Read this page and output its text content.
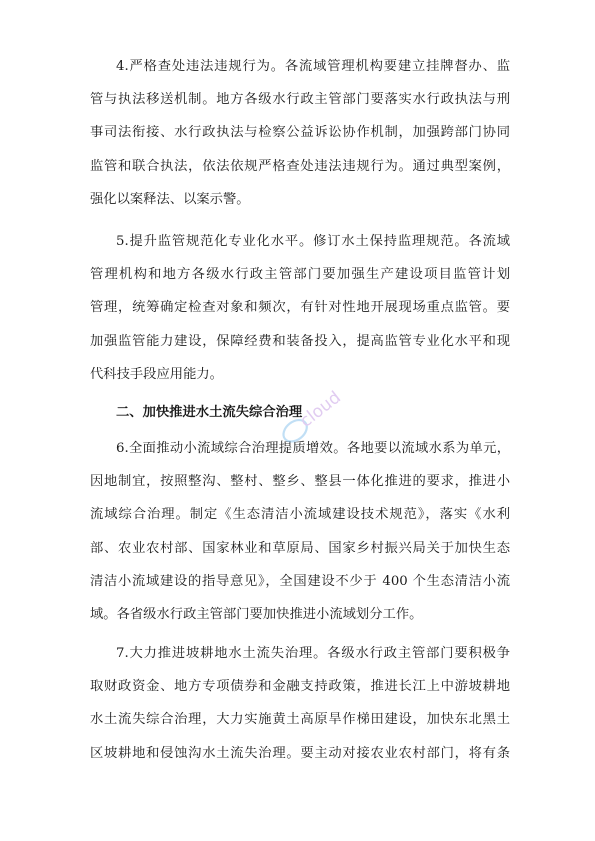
4.严格查处违法违规行为。各流域管理机构要建立挂牌督办、监
管与执法移送机制。地方各级水行政主管部门要落实水行政执法与刑
事司法衔接、水行政执法与检察公益诉讼协作机制，加强跨部门协同
监管和联合执法，依法依规严格查处违法违规行为。通过典型案例，
强化以案释法、以案示警。
5.提升监管规范化专业化水平。修订水土保持监理规范。各流域
管理机构和地方各级水行政主管部门要加强生产建设项目监管计划
管理，统筹确定检查对象和频次，有针对性地开展现场重点监管。要
加强监管能力建设，保障经费和装备投入，提高监管专业化水平和现
代科技手段应用能力。
二、加快推进水土流失综合治理
6.全面推动小流域综合治理提质增效。各地要以流域水系为单元，
因地制宜，按照整沟、整村、整乡、整县一体化推进的要求，推进小
流域综合治理。制定《生态清洁小流域建设技术规范》，落实《水利
部、农业农村部、国家林业和草原局、国家乡村振兴局关于加快生态
清洁小流域建设的指导意见》，全国建设不少于 400 个生态清洁小流
域。各省级水行政主管部门要加快推进小流域划分工作。
7.大力推进坡耕地水土流失治理。各级水行政主管部门要积极争
取财政资金、地方专项债券和金融支持政策，推进长江上中游坡耕地
水土流失综合治理，大力实施黄土高原旱作梯田建设，加快东北黑土
区坡耕地和侵蚀沟水土流失治理。要主动对接农业农村部门，将有条
cloud
